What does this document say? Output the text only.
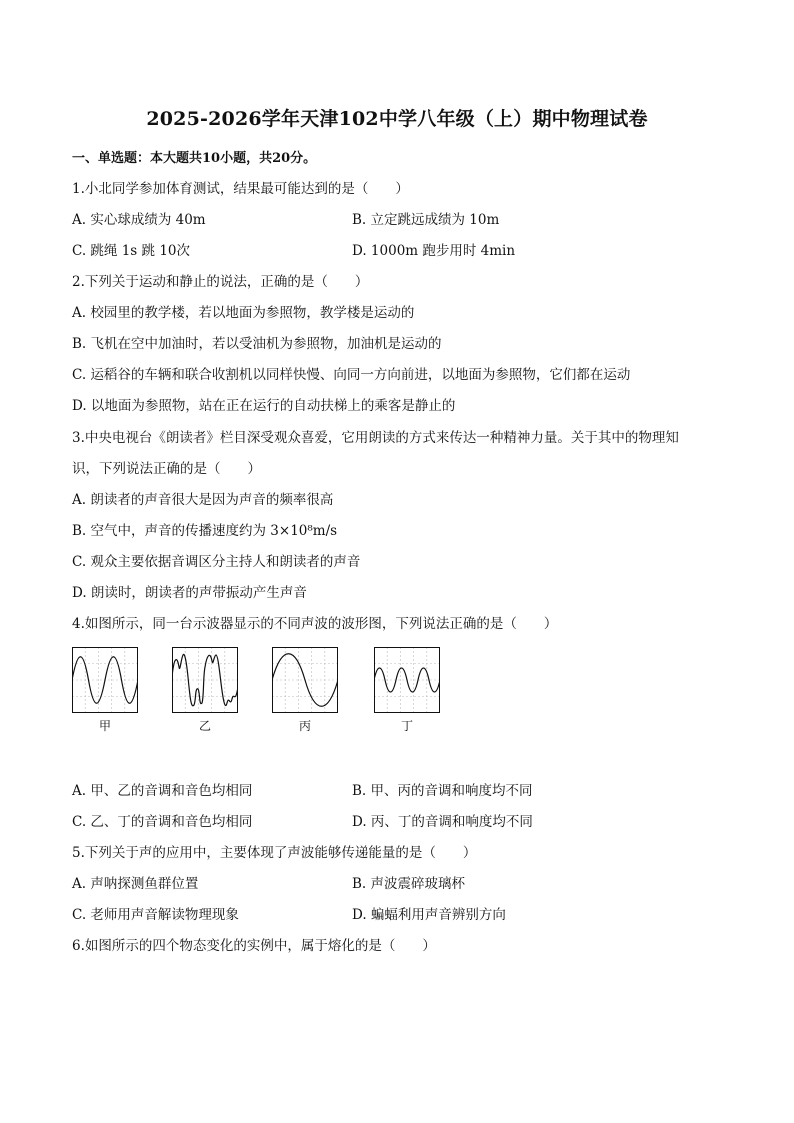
2025-2026学年天津102中学八年级（上）期中物理试卷
一、单选题：本大题共10小题，共20分。
1.小北同学参加体育测试，结果最可能达到的是（　　）
A. 实心球成绩为 40m	B. 立定跳远成绩为 10m
C. 跳绳 1s 跳 10次	D. 1000m 跑步用时 4min
2.下列关于运动和静止的说法，正确的是（　　）
A. 校园里的教学楼，若以地面为参照物，教学楼是运动的
B. 飞机在空中加油时，若以受油机为参照物，加油机是运动的
C. 运稻谷的车辆和联合收割机以同样快慢、向同一方向前进，以地面为参照物，它们都在运动
D. 以地面为参照物，站在正在运行的自动扶梯上的乘客是静止的
3.中央电视台《朗读者》栏目深受观众喜爱，它用朗读的方式来传达一种精神力量。关于其中的物理知
识，下列说法正确的是（　　）
A. 朗读者的声音很大是因为声音的频率很高
B. 空气中，声音的传播速度约为 3×10⁸m/s
C. 观众主要依据音调区分主持人和朗读者的声音
D. 朗读时，朗读者的声带振动产生声音
4.如图所示，同一台示波器显示的不同声波的波形图，下列说法正确的是（　　）
甲	乙	丙	丁
A. 甲、乙的音调和音色均相同	B. 甲、丙的音调和响度均不同
C. 乙、丁的音调和音色均相同	D. 丙、丁的音调和响度均不同
5.下列关于声的应用中，主要体现了声波能够传递能量的是（　　）
A. 声呐探测鱼群位置	B. 声波震碎玻璃杯
C. 老师用声音解读物理现象	D. 蝙蝠利用声音辨别方向
6.如图所示的四个物态变化的实例中，属于熔化的是（　　）
